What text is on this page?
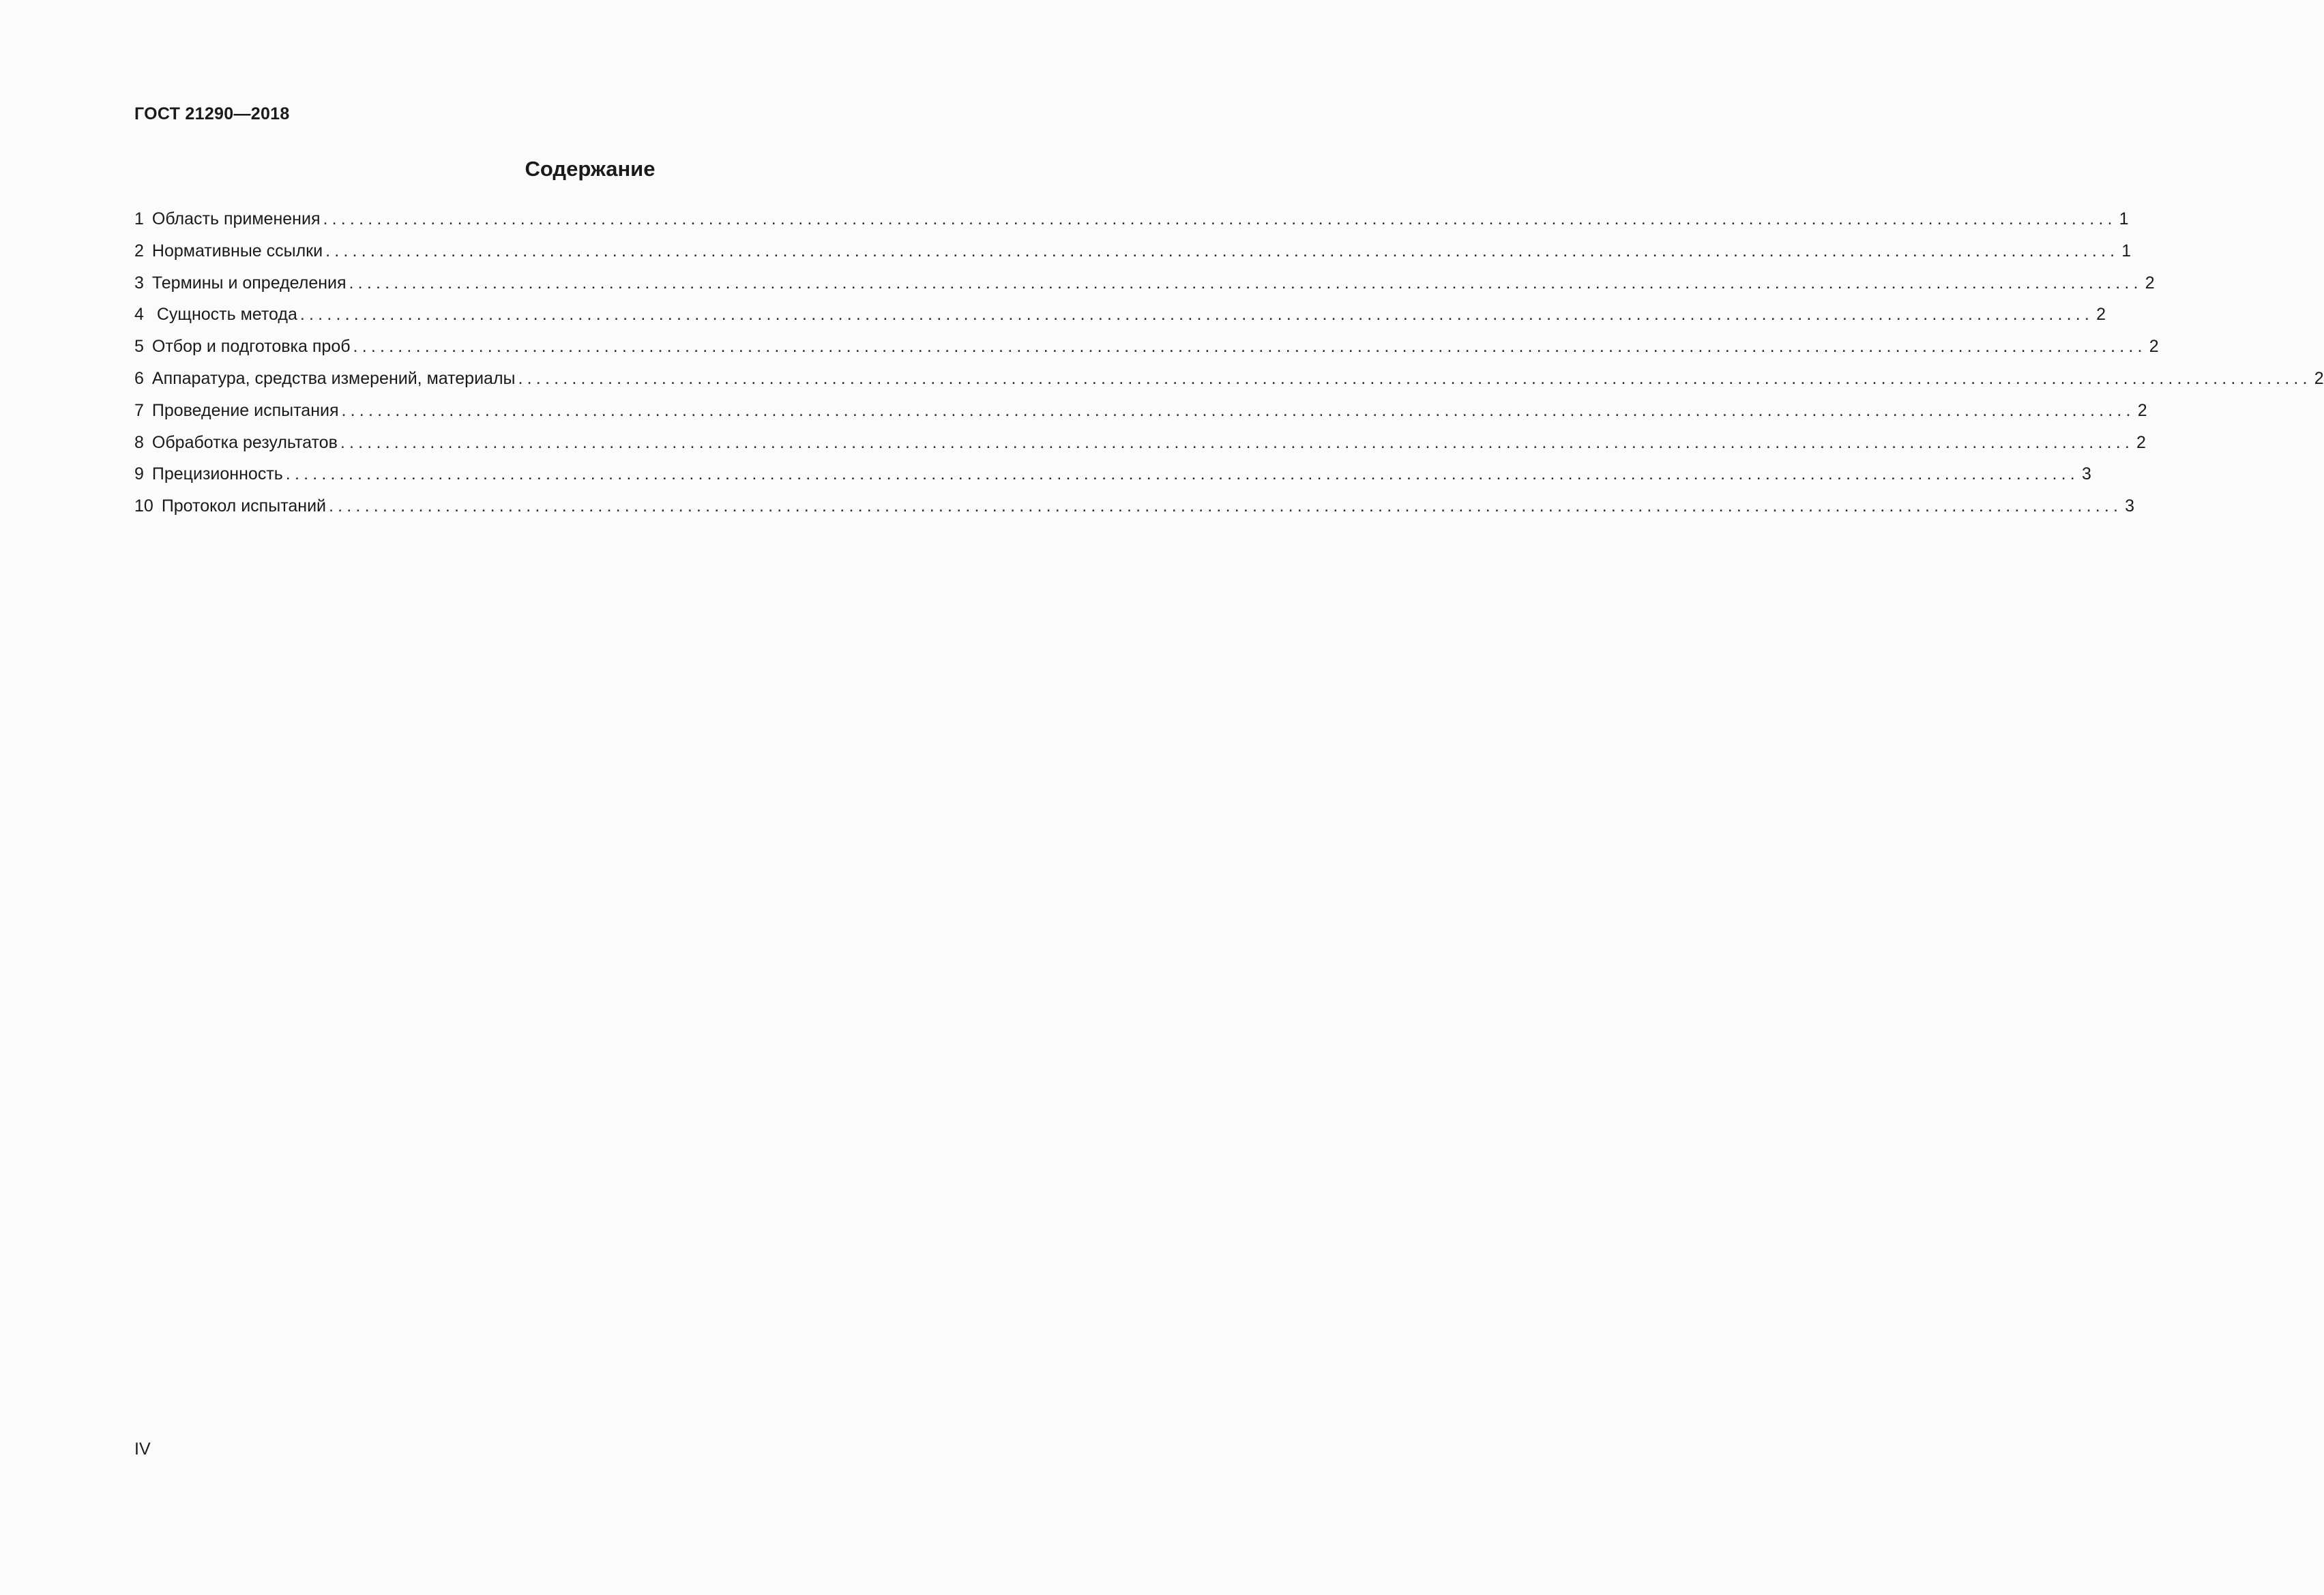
ГОСТ 21290—2018
Содержание
1 Область применения ........................................................................................................................................................................................................ 1
2 Нормативные ссылки ........................................................................................................................................................................................................ 1
3 Термины и определения ........................................................................................................................................................................................................ 2
4 Сущность метода ........................................................................................................................................................................................................ 2
5 Отбор и подготовка проб ........................................................................................................................................................................................................ 2
6 Аппаратура, средства измерений, материалы ........................................................................................................................................................................................................ 2
7 Проведение испытания ........................................................................................................................................................................................................ 2
8 Обработка результатов ........................................................................................................................................................................................................ 2
9 Прецизионность ........................................................................................................................................................................................................ 3
10 Протокол испытаний ........................................................................................................................................................................................................ 3
IV
